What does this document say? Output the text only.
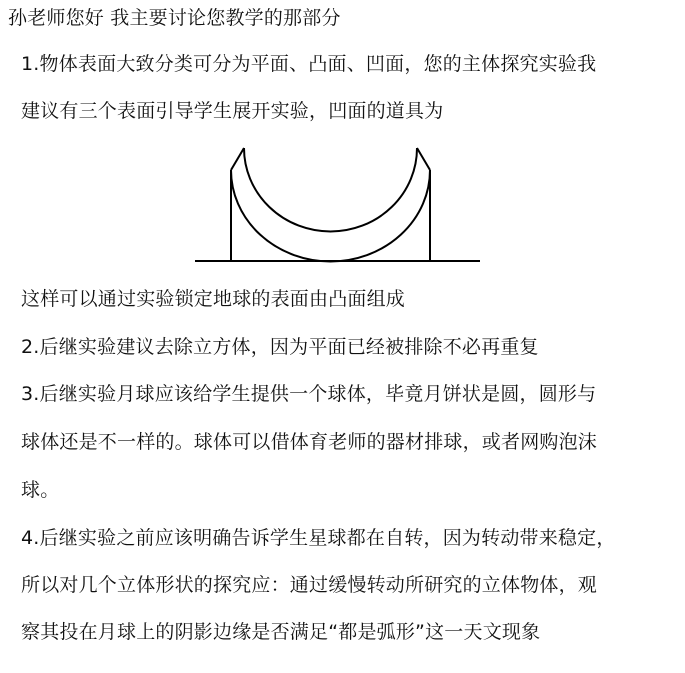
孙老师您好 我主要讨论您教学的那部分
1.物体表面大致分类可分为平面、凸面、凹面，您的主体探究实验我
建议有三个表面引导学生展开实验，凹面的道具为
这样可以通过实验锁定地球的表面由凸面组成
2.后继实验建议去除立方体，因为平面已经被排除不必再重复
3.后继实验月球应该给学生提供一个球体，毕竟月饼状是圆，圆形与
球体还是不一样的。球体可以借体育老师的器材排球，或者网购泡沫
球。
4.后继实验之前应该明确告诉学生星球都在自转，因为转动带来稳定，
所以对几个立体形状的探究应：通过缓慢转动所研究的立体物体，观
察其投在月球上的阴影边缘是否满足“都是弧形”这一天文现象
